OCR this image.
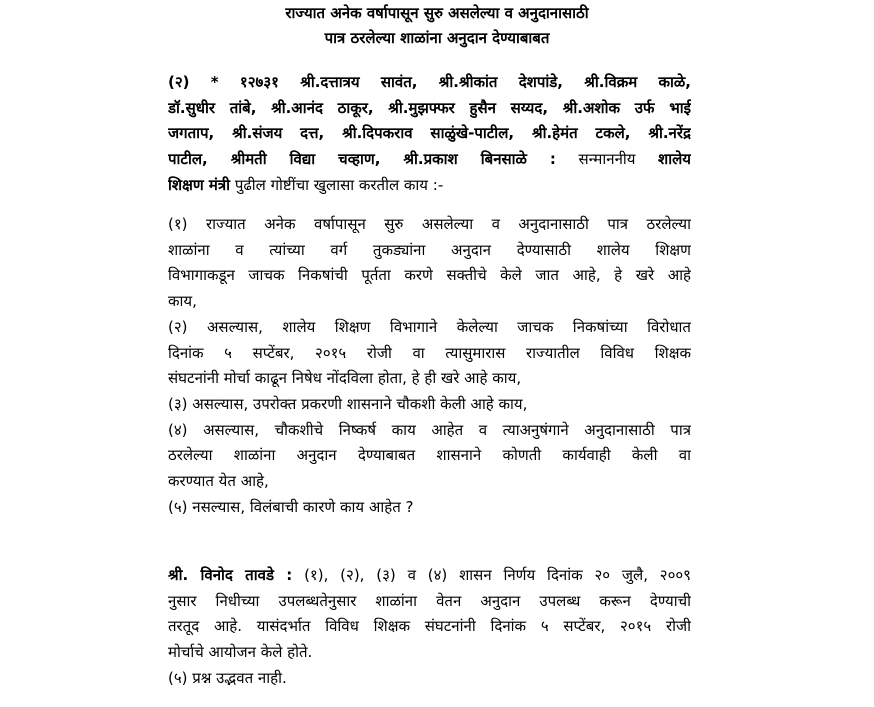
राज्यात अनेक वर्षापासून सुरु असलेल्या व अनुदानासाठी
पात्र ठरलेल्या शाळांना अनुदान देण्याबाबत
(२) * १२७३१ श्री.दत्तात्रय सावंत, श्री.श्रीकांत देशपांडे, श्री.विक्रम काळे,
डॉ.सुधीर तांबे, श्री.आनंद ठाकूर, श्री.मुझफ्फर हुसैन सय्यद, श्री.अशोक उर्फ भाई
जगताप, श्री.संजय दत्त, श्री.दिपकराव साळुंखे-पाटील, श्री.हेमंत टकले, श्री.नरेंद्र
पाटील, श्रीमती विद्या चव्हाण, श्री.प्रकाश बिनसाळे : सन्माननीय शालेय
शिक्षण मंत्री पुढील गोष्टींचा खुलासा करतील काय :-
(१) राज्यात अनेक वर्षापासून सुरु असलेल्या व अनुदानासाठी पात्र ठरलेल्या
शाळांना व त्यांच्या वर्ग तुकड्यांना अनुदान देण्यासाठी शालेय शिक्षण
विभागाकडून जाचक निकषांची पूर्तता करणे सक्तीचे केले जात आहे, हे खरे आहे
काय,
(२) असल्यास, शालेय शिक्षण विभागाने केलेल्या जाचक निकषांच्या विरोधात
दिनांक ५ सप्टेंबर, २०१५ रोजी वा त्यासुमारास राज्यातील विविध शिक्षक
संघटनांनी मोर्चा काढून निषेध नोंदविला होता, हे ही खरे आहे काय,
(३) असल्यास, उपरोक्त प्रकरणी शासनाने चौकशी केली आहे काय,
(४) असल्यास, चौकशीचे निष्कर्ष काय आहेत व त्याअनुषंगाने अनुदानासाठी पात्र
ठरलेल्या शाळांना अनुदान देण्याबाबत शासनाने कोणती कार्यवाही केली वा
करण्यात येत आहे,
(५) नसल्यास, विलंबाची कारणे काय आहेत ?
श्री. विनोद तावडे : (१), (२), (३) व (४) शासन निर्णय दिनांक २० जुलै, २००९
नुसार निधीच्या उपलब्धतेनुसार शाळांना वेतन अनुदान उपलब्ध करून देण्याची
तरतूद आहे. यासंदर्भात विविध शिक्षक संघटनांनी दिनांक ५ सप्टेंबर, २०१५ रोजी
मोर्चाचे आयोजन केले होते.
(५) प्रश्न उद्भवत नाही.
